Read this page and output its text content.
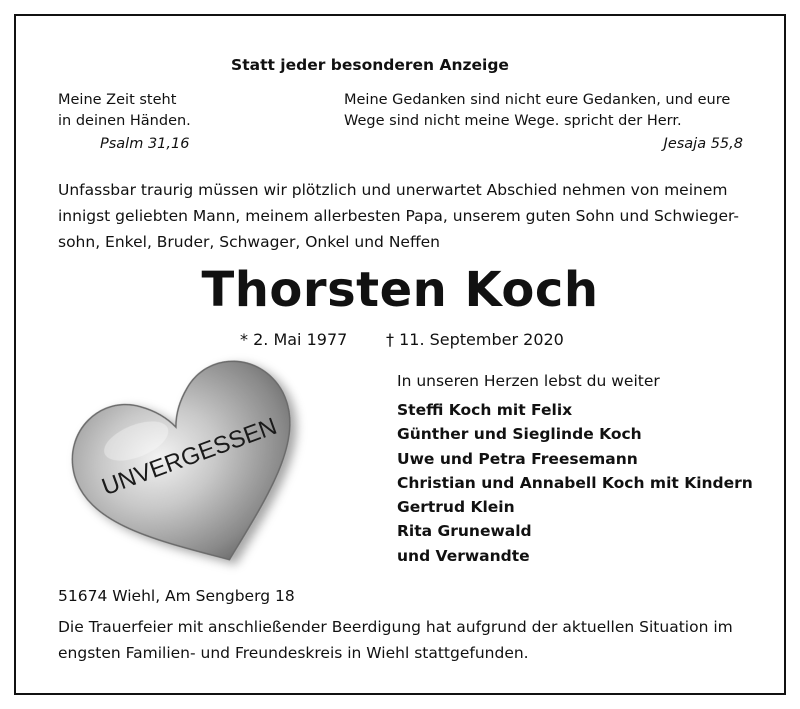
Statt jeder besonderen Anzeige
Meine Zeit steht
in deinen Händen.
Psalm 31,16
Meine Gedanken sind nicht eure Gedanken, und eure
Wege sind nicht meine Wege. spricht der Herr.
Jesaja 55,8
Unfassbar traurig müssen wir plötzlich und unerwartet Abschied nehmen von meinem
innigst geliebten Mann, meinem allerbesten Papa, unserem guten Sohn und Schwieger-
sohn, Enkel, Bruder, Schwager, Onkel und Neffen
Thorsten Koch
* 2. Mai 1977 † 11. September 2020
UNVERGESSEN
In unseren Herzen lebst du weiter
Steffi Koch mit Felix
Günther und Sieglinde Koch
Uwe und Petra Freesemann
Christian und Annabell Koch mit Kindern
Gertrud Klein
Rita Grunewald
und Verwandte
51674 Wiehl, Am Sengberg 18
Die Trauerfeier mit anschließender Beerdigung hat aufgrund der aktuellen Situation im
engsten Familien- und Freundeskreis in Wiehl stattgefunden.
